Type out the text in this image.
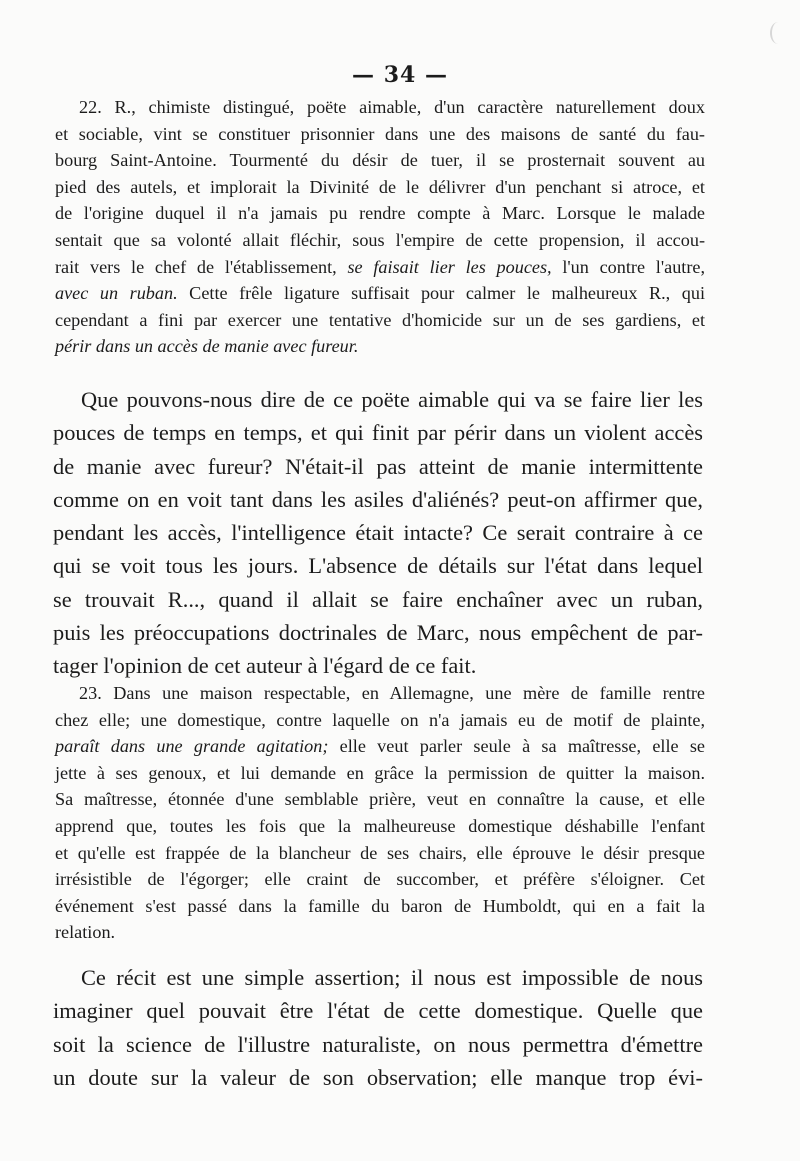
— 34 —
22. R., chimiste distingué, poëte aimable, d'un caractère naturellement doux
et sociable, vint se constituer prisonnier dans une des maisons de santé du fau-
bourg Saint-Antoine. Tourmenté du désir de tuer, il se prosternait souvent au
pied des autels, et implorait la Divinité de le délivrer d'un penchant si atroce, et
de l'origine duquel il n'a jamais pu rendre compte à Marc. Lorsque le malade
sentait que sa volonté allait fléchir, sous l'empire de cette propension, il accou-
rait vers le chef de l'établissement, se faisait lier les pouces, l'un contre l'autre,
avec un ruban. Cette frêle ligature suffisait pour calmer le malheureux R., qui
cependant a fini par exercer une tentative d'homicide sur un de ses gardiens, et
périr dans un accès de manie avec fureur.
Que pouvons-nous dire de ce poëte aimable qui va se faire lier les
pouces de temps en temps, et qui finit par périr dans un violent accès
de manie avec fureur? N'était-il pas atteint de manie intermittente
comme on en voit tant dans les asiles d'aliénés? peut-on affirmer que,
pendant les accès, l'intelligence était intacte? Ce serait contraire à ce
qui se voit tous les jours. L'absence de détails sur l'état dans lequel
se trouvait R..., quand il allait se faire enchaîner avec un ruban,
puis les préoccupations doctrinales de Marc, nous empêchent de par-
tager l'opinion de cet auteur à l'égard de ce fait.
23. Dans une maison respectable, en Allemagne, une mère de famille rentre
chez elle; une domestique, contre laquelle on n'a jamais eu de motif de plainte,
paraît dans une grande agitation; elle veut parler seule à sa maîtresse, elle se
jette à ses genoux, et lui demande en grâce la permission de quitter la maison.
Sa maîtresse, étonnée d'une semblable prière, veut en connaître la cause, et elle
apprend que, toutes les fois que la malheureuse domestique déshabille l'enfant
et qu'elle est frappée de la blancheur de ses chairs, elle éprouve le désir presque
irrésistible de l'égorger; elle craint de succomber, et préfère s'éloigner. Cet
événement s'est passé dans la famille du baron de Humboldt, qui en a fait la
relation.
Ce récit est une simple assertion; il nous est impossible de nous
imaginer quel pouvait être l'état de cette domestique. Quelle que
soit la science de l'illustre naturaliste, on nous permettra d'émettre
un doute sur la valeur de son observation; elle manque trop évi-
